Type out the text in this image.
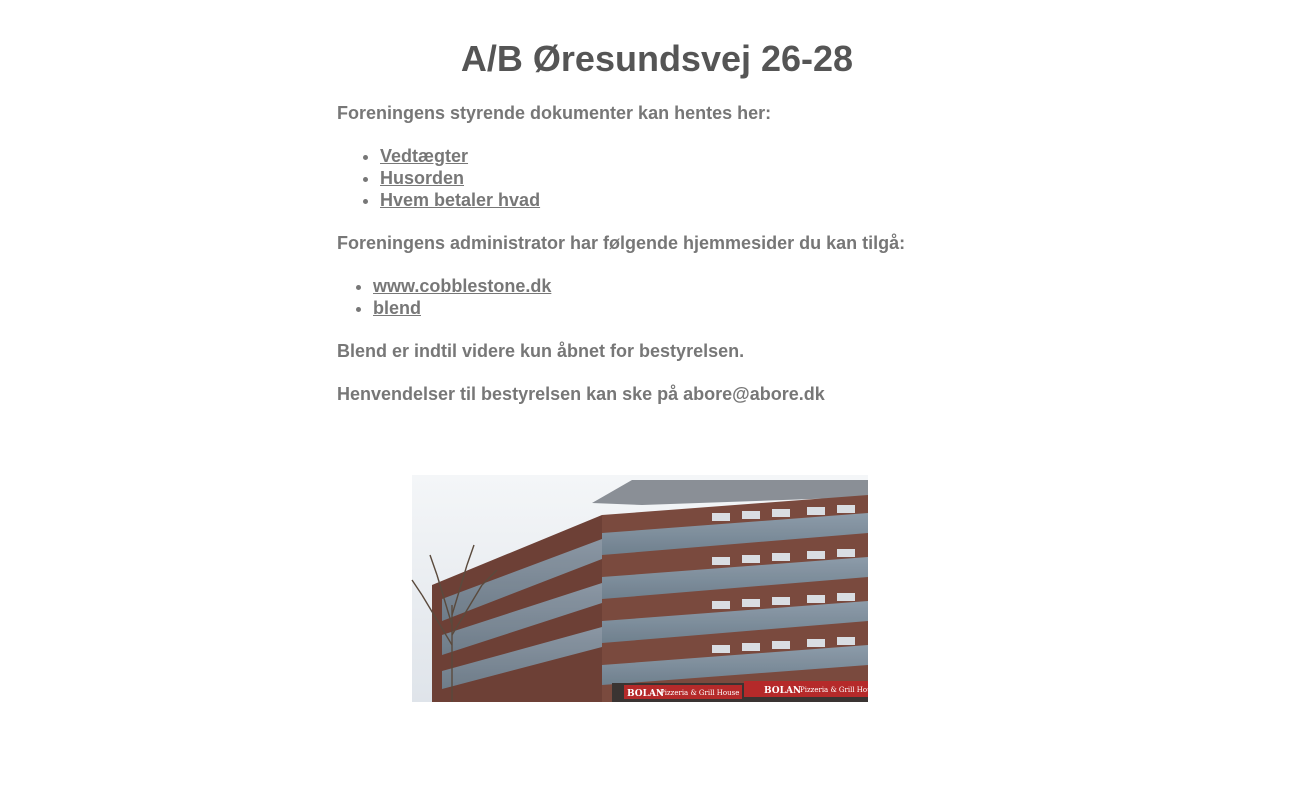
A/B Øresundsvej 26-28

Foreningens styrende dokumenter kan hentes her:

• Vedtægter
• Husorden
• Hvem betaler hvad

Foreningens administrator har følgende hjemmesider du kan tilgå:

• www.cobblestone.dk
• blend

Blend er indtil videre kun åbnet for bestyrelsen.

Henvendelser til bestyrelsen kan ske på abore@abore.dk

BOLAN
Pizzeria & Grill House	BOLAN
Pizzeria & Grill House
